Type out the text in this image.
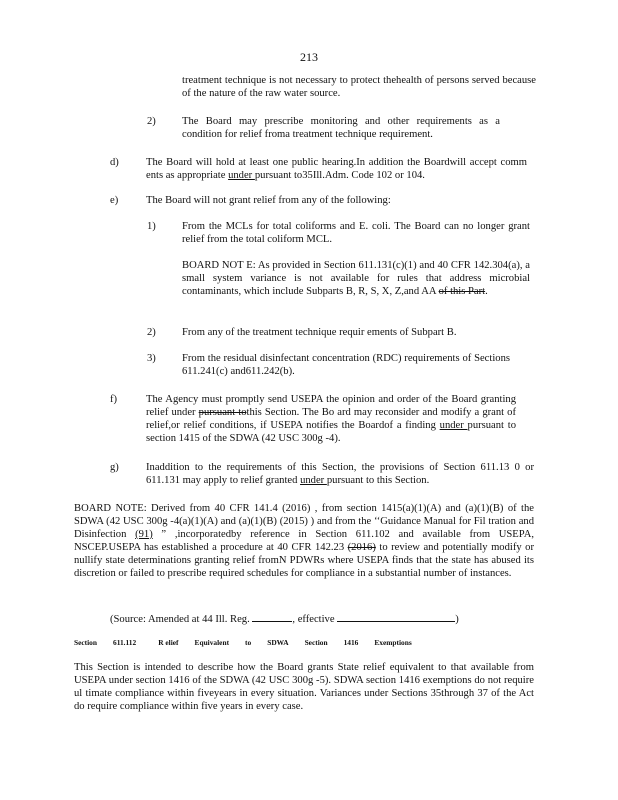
213
treatment technique is not necessary to protect thehealth of persons served because of the nature of the raw water source.
2) The Board may prescribe monitoring and other requirements as a condition for relief froma treatment technique requirement.
d)	The Board will hold at least one public hearing.In addition the Boardwill accept comm ents as appropriate under pursuant to35Ill.Adm. Code 102 or 104.
e)	The Board will not grant relief from any of the following:
1) From the MCLs for total coliforms and E. coli. The Board can no longer grant relief from the total coliform MCL.
BOARD NOT E: As provided in Section 611.131(c)(1) and 40 CFR 142.304(a), a small system variance is not available for rules that address microbial contaminants, which include Subparts B, R, S, X, Z,and AA of this Part.
2) From any of the treatment technique requir ements of Subpart B.
3) From the residual disinfectant concentration (RDC) requirements of Sections 611.241(c) and611.242(b).
f)	The Agency must promptly send USEPA the opinion and order of the Board granting relief under pursuant tothis Section. The Bo ard may reconsider and modify a grant of relief,or relief conditions, if USEPA notifies the Boardof a finding under pursuant to section 1415 of the SDWA (42 USC 300g -4).
g)	Inaddition to the requirements of this Section, the provisions of Section 611.13 0 or 611.131 may apply to relief granted under pursuant to this Section.
BOARD NOTE: Derived from 40 CFR 141.4 (2016) , from section 1415(a)(1)(A) and (a)(1)(B) of the SDWA (42 USC 300g -4(a)(1)(A) and (a)(1)(B) (2015) ) and from the ‘‘Guidance Manual for Fil tration and Disinfection (91) ” ,incorporatedby reference in Section 611.102 and available from USEPA, NSCEP.USEPA has established a procedure at 40 CFR 142.23 (2016) to review and potentially modify or nullify state determinations granting relief fromN PDWRs where USEPA finds that the state has abused its discretion or failed to prescribe required schedules for compliance in a substantial number of instances.
(Source: Amended at 44 Ill. Reg.	, effective	)
Section 611.112	R elief Equivalent to SDWA Section 1416 Exemptions
This Section is intended to describe how the Board grants State relief equivalent to that available from USEPA under section 1416 of the SDWA (42 USC 300g -5). SDWA section 1416 exemptions do not require ul timate compliance within fiveyears in every situation. Variances under Sections 35through 37 of the Act do require compliance within five years in every case.
